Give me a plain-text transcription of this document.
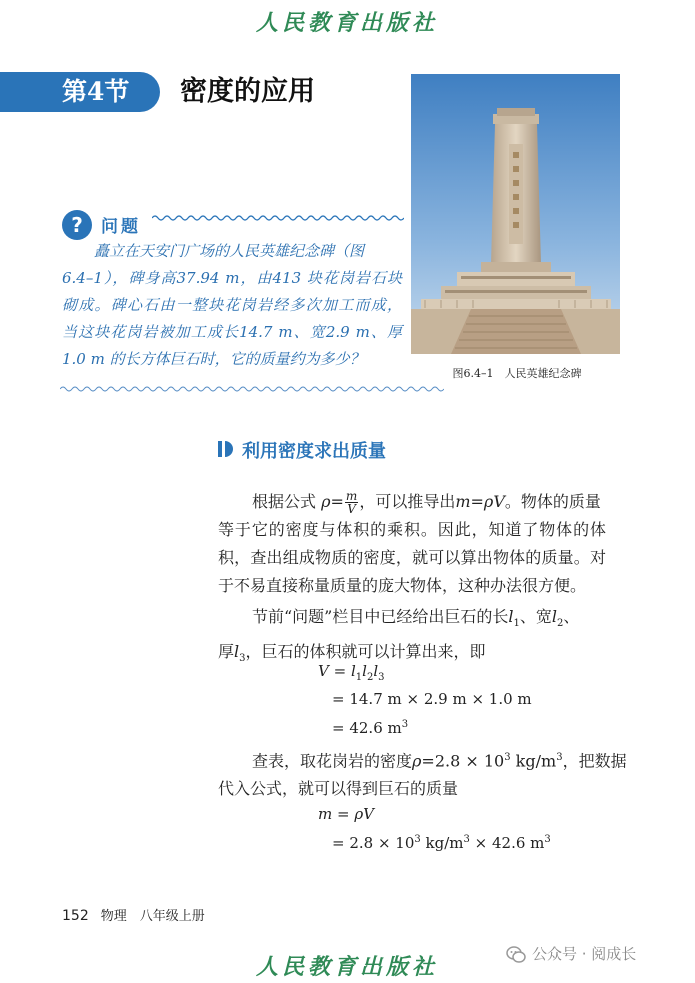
人民教育出版社
第4节 密度的应用
图6.4–1　人民英雄纪念碑
?	问题
矗立在天安门广场的人民英雄纪念碑（图
6.4–1），碑身高37.94 m，由413 块花岗岩石块
砌成。碑心石由一整块花岗岩经多次加工而成，
当这块花岗岩被加工成长14.7 m、宽2.9 m、厚
1.0 m 的长方体巨石时，它的质量约为多少？
利用密度求出质量
根据公式 $\rho= \frac{m}{V}$ ，可以推导出m=ρV。物体的质量
等于它的密度与体积的乘积。因此，知道了物体的体
积，查出组成物质的密度，就可以算出物体的质量。对
于不易直接称量质量的庞大物体，这种办法很方便。
节前“问题”栏目中已经给出巨石的长$l_1$、宽$l_2$、
厚$l_3$，巨石的体积就可以计算出来，即
$V = l_1l_2l_3$
= 14.7 m × 2.9 m × 1.0 m
= 42.6 $m^3$
查表，取花岗岩的密度$\rho=2.8 \times 10^3$ $kg/m^3$，把数据
代入公式，就可以得到巨石的质量
m = ρV
= $2.8 \times 10^3$ $kg/m^3 \times 42.6$ $m^3$
152 物理　八年级上册
人民教育出版社	公众号 · 阅成长
